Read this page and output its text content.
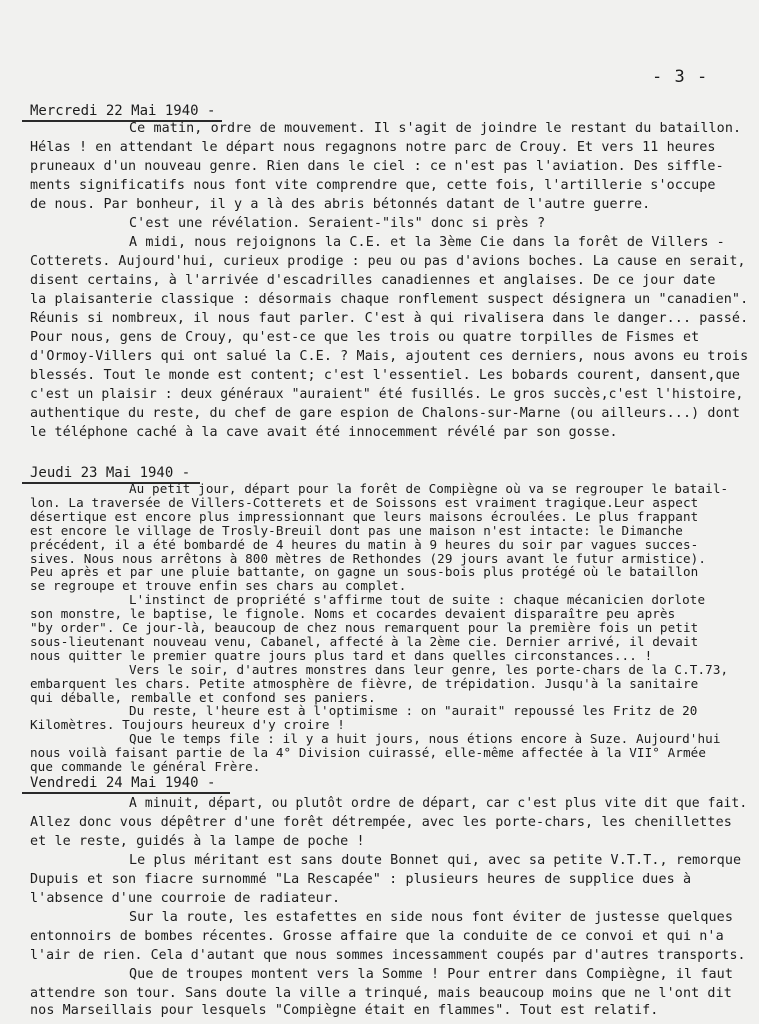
- 3 -
Mercredi 22 Mai 1940 -
Ce matin, ordre de mouvement. Il s'agit de joindre le restant du bataillon.
Hélas ! en attendant le départ nous regagnons notre parc de Crouy. Et vers 11 heures
pruneaux d'un nouveau genre. Rien dans le ciel : ce n'est pas l'aviation. Des siffle-
ments significatifs nous font vite comprendre que, cette fois, l'artillerie s'occupe
de nous. Par bonheur, il y a là des abris bétonnés datant de l'autre guerre.
C'est une révélation. Seraient-"ils" donc si près ?
A midi, nous rejoignons la C.E. et la 3ème Cie dans la forêt de Villers -
Cotterets. Aujourd'hui, curieux prodige : peu ou pas d'avions boches. La cause en serait,
disent certains, à l'arrivée d'escadrilles canadiennes et anglaises. De ce jour date
la plaisanterie classique : désormais chaque ronflement suspect désignera un "canadien".
Réunis si nombreux, il nous faut parler. C'est à qui rivalisera dans le danger... passé.
Pour nous, gens de Crouy, qu'est-ce que les trois ou quatre torpilles de Fismes et
d'Ormoy-Villers qui ont salué la C.E. ? Mais, ajoutent ces derniers, nous avons eu trois
blessés. Tout le monde est content; c'est l'essentiel. Les bobards courent, dansent,que
c'est un plaisir : deux généraux "auraient" été fusillés. Le gros succès,c'est l'histoire,
authentique du reste, du chef de gare espion de Chalons-sur-Marne (ou ailleurs...) dont
le téléphone caché à la cave avait été innocemment révélé par son gosse.
Jeudi 23 Mai 1940 -
Au petit jour, départ pour la forêt de Compiègne où va se regrouper le batail-
lon. La traversée de Villers-Cotterets et de Soissons est vraiment tragique.Leur aspect
désertique est encore plus impressionnant que leurs maisons écroulées. Le plus frappant
est encore le village de Trosly-Breuil dont pas une maison n'est intacte: le Dimanche
précédent, il a été bombardé de 4 heures du matin à 9 heures du soir par vagues succes-
sives. Nous nous arrêtons à 800 mètres de Rethondes (29 jours avant le futur armistice).
Peu après et par une pluie battante, on gagne un sous-bois plus protégé où le bataillon
se regroupe et trouve enfin ses chars au complet.
L'instinct de propriété s'affirme tout de suite : chaque mécanicien dorlote
son monstre, le baptise, le fignole. Noms et cocardes devaient disparaître peu après
"by order". Ce jour-là, beaucoup de chez nous remarquent pour la première fois un petit
sous-lieutenant nouveau venu, Cabanel, affecté à la 2ème cie. Dernier arrivé, il devait
nous quitter le premier quatre jours plus tard et dans quelles circonstances... !
Vers le soir, d'autres monstres dans leur genre, les porte-chars de la C.T.73,
embarquent les chars. Petite atmosphère de fièvre, de trépidation. Jusqu'à la sanitaire
qui déballe, remballe et confond ses paniers.
Du reste, l'heure est à l'optimisme : on "aurait" repoussé les Fritz de 20
Kilomètres. Toujours heureux d'y croire !
Que le temps file : il y a huit jours, nous étions encore à Suze. Aujourd'hui
nous voilà faisant partie de la 4° Division cuirassé, elle-même affectée à la VII° Armée
que commande le général Frère.
Vendredi 24 Mai 1940 -
A minuit, départ, ou plutôt ordre de départ, car c'est plus vite dit que fait.
Allez donc vous dépêtrer d'une forêt détrempée, avec les porte-chars, les chenillettes
et le reste, guidés à la lampe de poche !
Le plus méritant est sans doute Bonnet qui, avec sa petite V.T.T., remorque
Dupuis et son fiacre surnommé "La Rescapée" : plusieurs heures de supplice dues à
l'absence d'une courroie de radiateur.
Sur la route, les estafettes en side nous font éviter de justesse quelques
entonnoirs de bombes récentes. Grosse affaire que la conduite de ce convoi et qui n'a
l'air de rien. Cela d'autant que nous sommes incessamment coupés par d'autres transports.
Que de troupes montent vers la Somme ! Pour entrer dans Compiègne, il faut
attendre son tour. Sans doute la ville a trinqué, mais beaucoup moins que ne l'ont dit
nos Marseillais pour lesquels "Compiègne était en flammes". Tout est relatif.
